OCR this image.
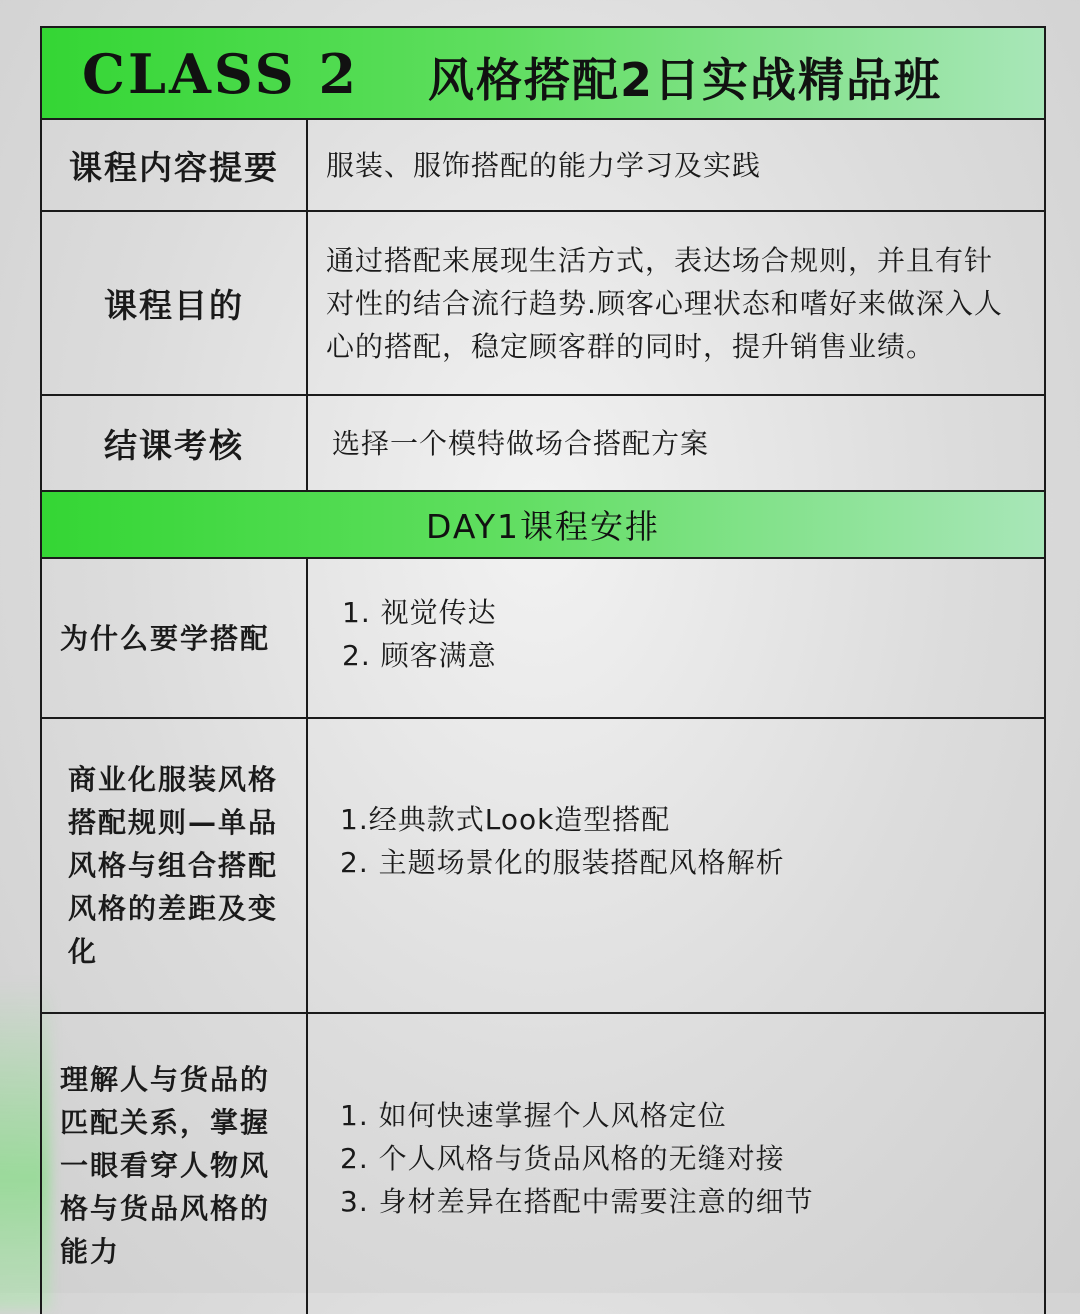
CLASS 2 风格搭配2日实战精品班
课程内容提要	服装、服饰搭配的能力学习及实践
课程目的
通过搭配来展现生活方式，表达场合规则，并且有针对性的结合流行趋势.顾客心理状态和嗜好来做深入人心的搭配，稳定顾客群的同时，提升销售业绩。
结课考核	选择一个模特做场合搭配方案
DAY1课程安排
为什么要学搭配
1. 视觉传达
2. 顾客满意
商业化服装风格搭配规则—单品风格与组合搭配风格的差距及变化
1.经典款式Look造型搭配
2. 主题场景化的服装搭配风格解析
理解人与货品的匹配关系，掌握一眼看穿人物风格与货品风格的能力
1. 如何快速掌握个人风格定位
2. 个人风格与货品风格的无缝对接
3. 身材差异在搭配中需要注意的细节
